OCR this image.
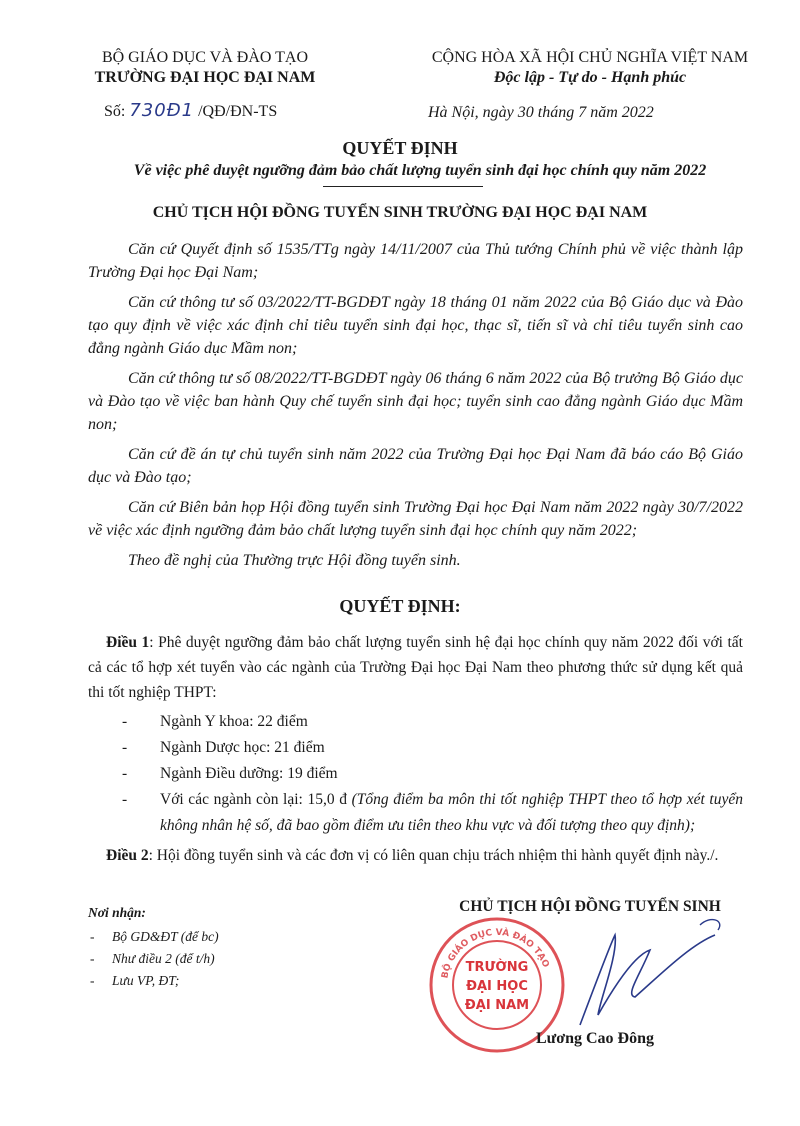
BỘ GIÁO DỤC VÀ ĐÀO TẠO
TRƯỜNG ĐẠI HỌC ĐẠI NAM
Số: 730Đ1 /QĐ/ĐN-TS
CỘNG HÒA XÃ HỘI CHỦ NGHĨA VIỆT NAM
Độc lập - Tự do - Hạnh phúc
Hà Nội, ngày 30 tháng 7 năm 2022
QUYẾT ĐỊNH
Về việc phê duyệt ngưỡng đảm bảo chất lượng tuyển sinh đại học chính quy năm 2022
CHỦ TỊCH HỘI ĐỒNG TUYỂN SINH TRƯỜNG ĐẠI HỌC ĐẠI NAM

Căn cứ Quyết định số 1535/TTg ngày 14/11/2007 của Thủ tướng Chính phủ về việc thành lập Trường Đại học Đại Nam;

Căn cứ thông tư số 03/2022/TT-BGDĐT ngày 18 tháng 01 năm 2022 của Bộ Giáo dục và Đào tạo quy định về việc xác định chỉ tiêu tuyển sinh đại học, thạc sĩ, tiến sĩ và chỉ tiêu tuyển sinh cao đẳng ngành Giáo dục Mầm non;

Căn cứ thông tư số 08/2022/TT-BGDĐT ngày 06 tháng 6 năm 2022 của Bộ trưởng Bộ Giáo dục và Đào tạo về việc ban hành Quy chế tuyển sinh đại học; tuyển sinh cao đẳng ngành Giáo dục Mầm non;

Căn cứ đề án tự chủ tuyển sinh năm 2022 của Trường Đại học Đại Nam đã báo cáo Bộ Giáo dục và Đào tạo;

Căn cứ Biên bản họp Hội đồng tuyển sinh Trường Đại học Đại Nam năm 2022 ngày 30/7/2022 về việc xác định ngưỡng đảm bảo chất lượng tuyển sinh đại học chính quy năm 2022;

Theo đề nghị của Thường trực Hội đồng tuyển sinh.

QUYẾT ĐỊNH:

Điều 1: Phê duyệt ngưỡng đảm bảo chất lượng tuyển sinh hệ đại học chính quy năm 2022 đối với tất cả các tổ hợp xét tuyển vào các ngành của Trường Đại học Đại Nam theo phương thức sử dụng kết quả thi tốt nghiệp THPT:

- Ngành Y khoa: 22 điểm
- Ngành Dược học: 21 điểm
- Ngành Điều dưỡng: 19 điểm
- Với các ngành còn lại: 15,0 đ (Tổng điểm ba môn thi tốt nghiệp THPT theo tổ hợp xét tuyển không nhân hệ số, đã bao gồm điểm ưu tiên theo khu vực và đối tượng theo quy định);

Điều 2: Hội đồng tuyển sinh và các đơn vị có liên quan chịu trách nhiệm thi hành quyết định này./.

Nơi nhận:
- Bộ GD&ĐT (để bc)
- Như điều 2 (để t/h)
- Lưu VP, ĐT;
CHỦ TỊCH HỘI ĐỒNG TUYỂN SINH
BỘ GIÁO DỤC VÀ ĐÀO TẠO
TRƯỜNG
ĐẠI HỌC
ĐẠI NAM
Lương Cao Đông
